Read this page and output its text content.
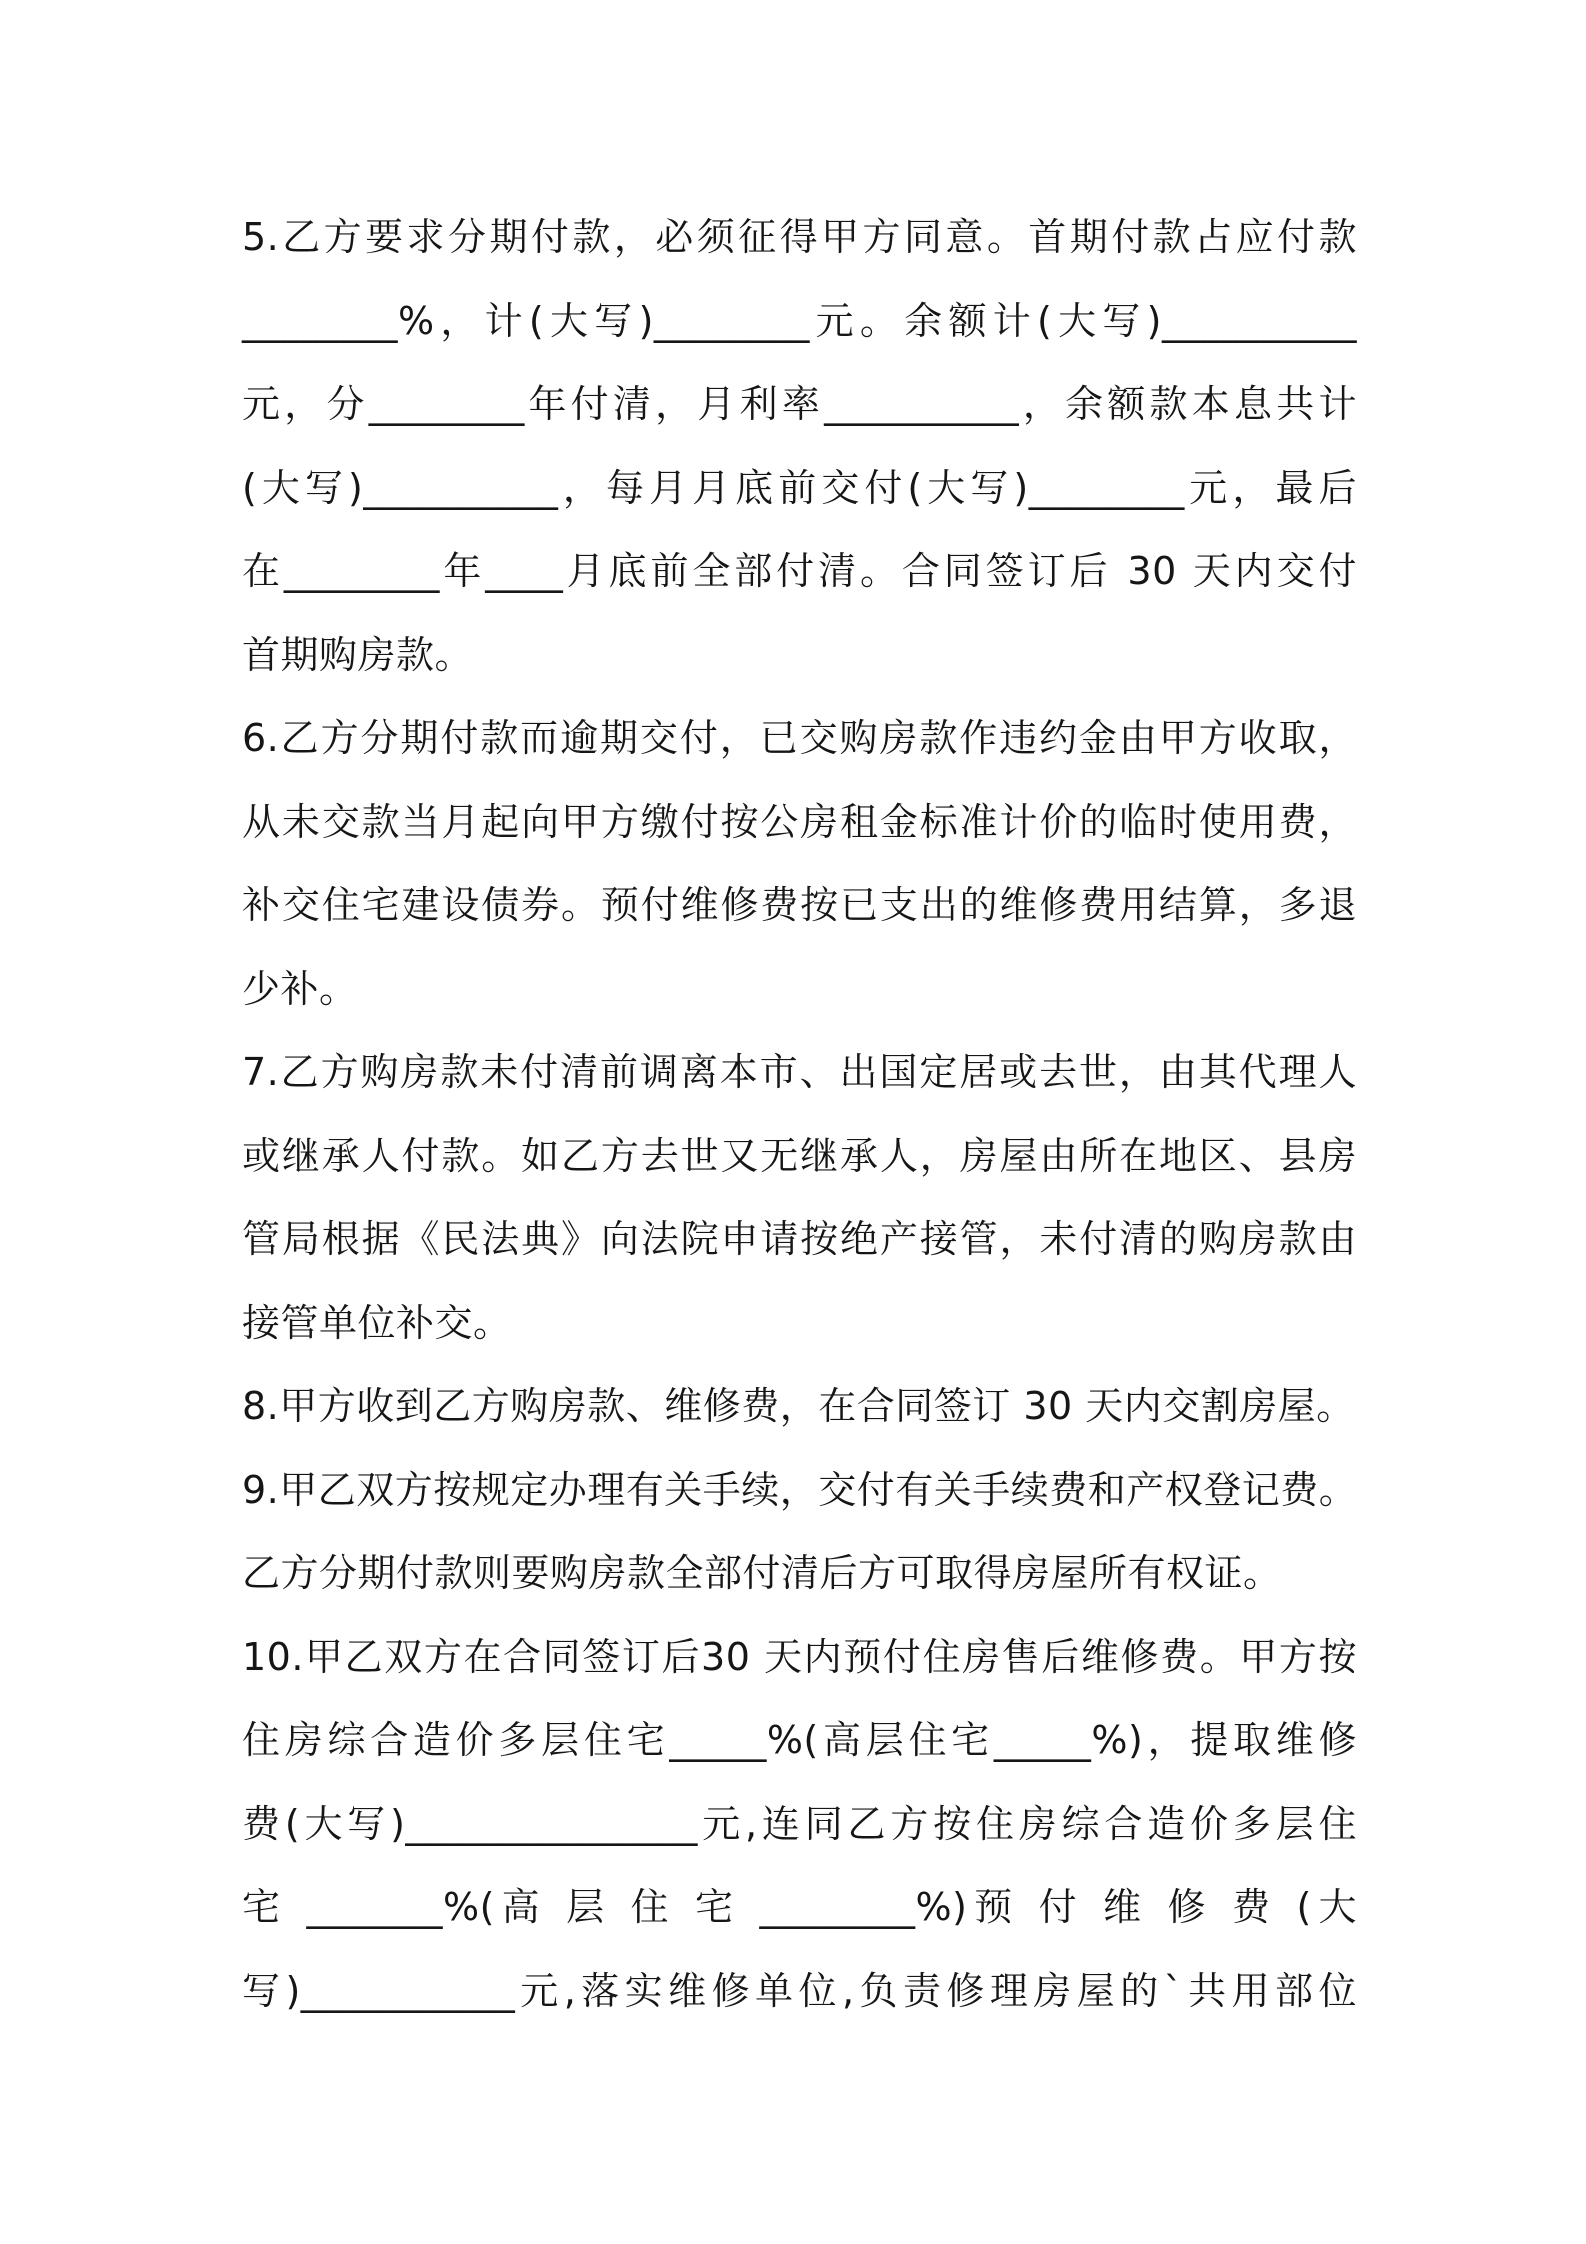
5.乙方要求分期付款，必须征得甲方同意。首期付款占应付款
________%，计(大写)________元。余额计(大写)__________
元，分________年付清，月利率__________，余额款本息共计
(大写)__________，每月月底前交付(大写)________元，最后
在________年____月底前全部付清。合同签订后 30 天内交付
首期购房款。
6.乙方分期付款而逾期交付，已交购房款作违约金由甲方收取，
从未交款当月起向甲方缴付按公房租金标准计价的临时使用费，
补交住宅建设债券。预付维修费按已支出的维修费用结算，多退
少补。
7.乙方购房款未付清前调离本市、出国定居或去世，由其代理人
或继承人付款。如乙方去世又无继承人，房屋由所在地区、县房
管局根据《民法典》向法院申请按绝产接管，未付清的购房款由
接管单位补交。
8.甲方收到乙方购房款、维修费，在合同签订 30 天内交割房屋。
9.甲乙双方按规定办理有关手续，交付有关手续费和产权登记费。
乙方分期付款则要购房款全部付清后方可取得房屋所有权证。
10.甲乙双方在合同签订后30 天内预付住房售后维修费。甲方按
住房综合造价多层住宅_____%(高层住宅_____%)，提取维修
费(大写)_______________元,连同乙方按住房综合造价多层住
宅 _______%(高 层 住 宅 ________%)预 付 维 修 费 (大
写)___________元,落实维修单位,负责修理房屋的`共用部位
